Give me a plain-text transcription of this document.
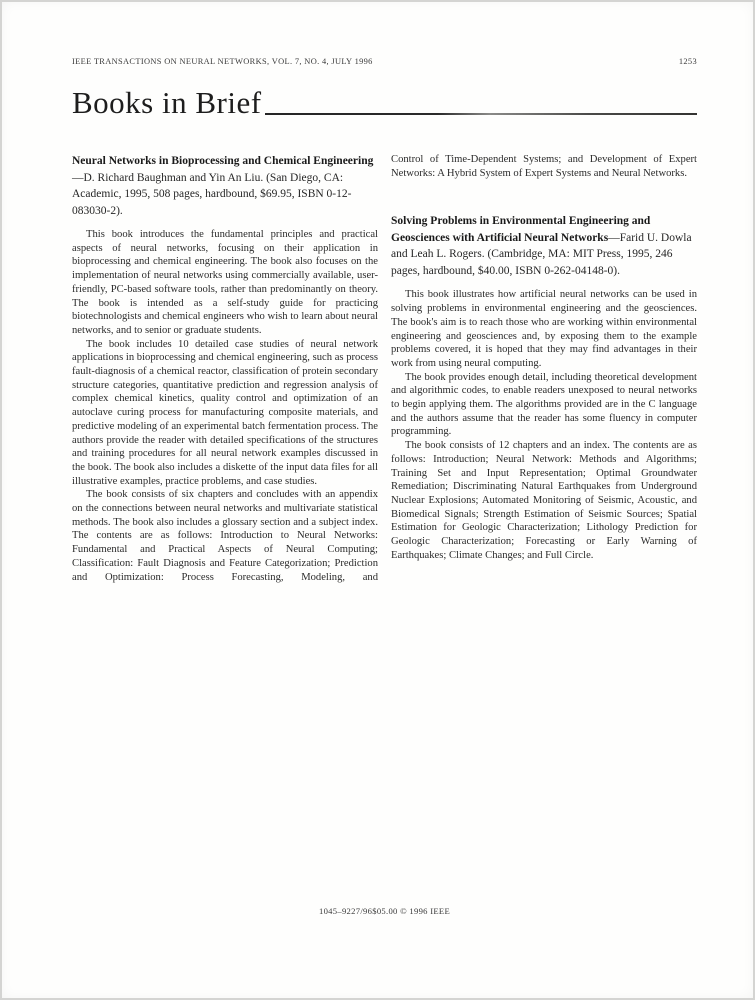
IEEE TRANSACTIONS ON NEURAL NETWORKS, VOL. 7, NO. 4, JULY 1996	1253
Books in Brief

Neural Networks in Bioprocessing and Chemical Engineering—D. Richard Baughman and Yin An Liu. (San Diego, CA: Academic, 1995, 508 pages, hardbound, $69.95, ISBN 0-12-083030-2).

This book introduces the fundamental principles and practical aspects of neural networks, focusing on their application in bioprocessing and chemical engineering. The book also focuses on the implementation of neural networks using commercially available, user-friendly, PC-based software tools, rather than predominantly on theory. The book is intended as a self-study guide for practicing biotechnologists and chemical engineers who wish to learn about neural networks, and to senior or graduate students.

The book includes 10 detailed case studies of neural network applications in bioprocessing and chemical engineering, such as process fault-diagnosis of a chemical reactor, classification of protein secondary structure categories, quantitative prediction and regression analysis of complex chemical kinetics, quality control and optimization of an autoclave curing process for manufacturing composite materials, and predictive modeling of an experimental batch fermentation process. The authors provide the reader with detailed specifications of the structures and training procedures for all neural network examples discussed in the book. The book also includes a diskette of the input data files for all illustrative examples, practice problems, and case studies.

The book consists of six chapters and concludes with an appendix on the connections between neural networks and multivariate statistical methods. The book also includes a glossary section and a subject index. The contents are as follows: Introduction to Neural Networks: Fundamental and Practical Aspects of Neural Computing; Classification: Fault Diagnosis and Feature Categorization; Prediction and Optimization: Process Forecasting, Modeling, and

Control of Time-Dependent Systems; and Development of Expert Networks: A Hybrid System of Expert Systems and Neural Networks.

Solving Problems in Environmental Engineering and Geosciences with Artificial Neural Networks—Farid U. Dowla and Leah L. Rogers. (Cambridge, MA: MIT Press, 1995, 246 pages, hardbound, $40.00, ISBN 0-262-04148-0).

This book illustrates how artificial neural networks can be used in solving problems in environmental engineering and the geosciences. The book's aim is to reach those who are working within environmental engineering and geosciences and, by exposing them to the example problems covered, it is hoped that they may find advantages in their work from using neural computing.

The book provides enough detail, including theoretical development and algorithmic codes, to enable readers unexposed to neural networks to begin applying them. The algorithms provided are in the C language and the authors assume that the reader has some fluency in computer programming.

The book consists of 12 chapters and an index. The contents are as follows: Introduction; Neural Network: Methods and Algorithms; Training Set and Input Representation; Optimal Groundwater Remediation; Discriminating Natural Earthquakes from Underground Nuclear Explosions; Automated Monitoring of Seismic, Acoustic, and Biomedical Signals; Strength Estimation of Seismic Sources; Spatial Estimation for Geologic Characterization; Lithology Prediction for Geologic Characterization; Forecasting or Early Warning of Earthquakes; Climate Changes; and Full Circle.

1045–9227/96$05.00 © 1996 IEEE
